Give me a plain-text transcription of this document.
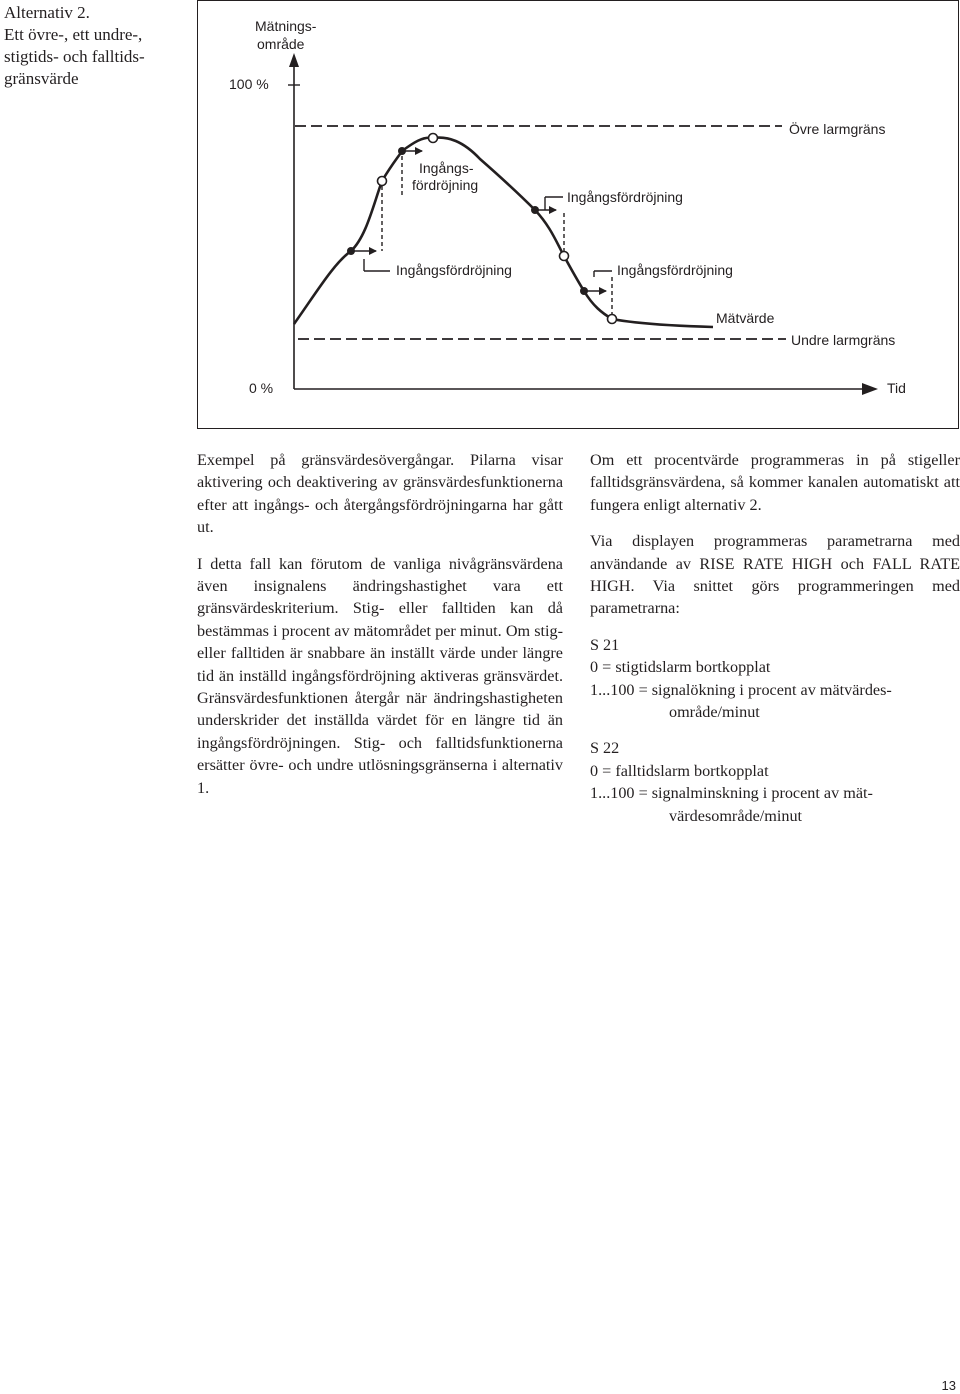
Alternativ 2.
Ett övre-, ett undre-,
stigtids- och falltids-
gränsvärde
Mätnings-
område
100 %
0 %	Tid
Övre larmgräns
Undre larmgräns
Mätvärde
Ingångsfördröjning
Ingångs-
fördröjning
Ingångsfördröjning
Ingångsfördröjning

Exempel på gränsvärdesövergångar. Pilarna visar aktivering och deaktivering av gränsvärdesfunktionerna efter att ingångs- och återgångsfördröjningarna har gått ut.

I detta fall kan förutom de vanliga nivågränsvärdena även insignalens ändringshastighet vara ett gränsvärdeskriterium. Stig- eller falltiden kan då bestämmas i procent av mätområdet per minut. Om stig- eller falltiden är snabbare än inställt värde under längre tid än inställd ingångsfördröjning aktiveras gränsvärdet. Gränsvärdesfunktionen återgår när ändringshastigheten underskrider det inställda värdet för en längre tid än ingångsfördröjningen. Stig- och falltidsfunktionerna ersätter övre- och undre utlösningsgränserna i alternativ 1.

Om ett procentvärde programmeras in på stigeller falltidsgränsvärdena, så kommer kanalen automatiskt att fungera enligt alternativ 2.

Via displayen programmeras parametrarna med användande av RISE RATE HIGH och FALL RATE HIGH. Via snittet görs programmeringen med parametrarna:

S 21
0 = stigtidslarm bortkopplat
1...100 = signalökning i procent av mätvärdes-
område/minut
S 22
0 = falltidslarm bortkopplat
1...100 = signalminskning i procent av mät-
värdesområde/minut
13
